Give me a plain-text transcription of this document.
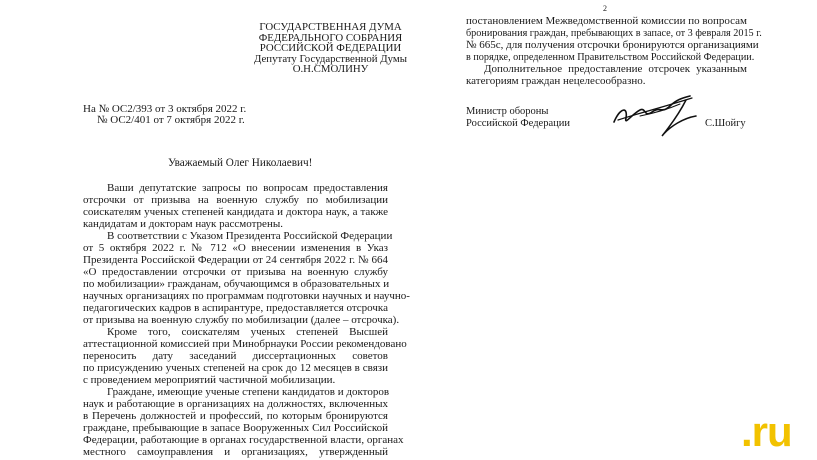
ГОСУДАРСТВЕННАЯ ДУМА
ФЕДЕРАЛЬНОГО СОБРАНИЯ
РОССИЙСКОЙ ФЕДЕРАЦИИ
Депутату Государственной Думы
О.Н.СМОЛИНУ
На № ОС2/393 от 3 октября 2022 г.
№ ОС2/401 от 7 октября 2022 г.
Уважаемый Олег Николаевич!
Ваши депутатские запросы по вопросам предоставления
отсрочки от призыва на военную службу по мобилизации
соискателям ученых степеней кандидата и доктора наук, а также
кандидатам и докторам наук рассмотрены.
В соответствии с Указом Президента Российской Федерации
от 5 октября 2022 г. № 712 «О внесении изменения в Указ
Президента Российской Федерации от 24 сентября 2022 г. № 664
«О предоставлении отсрочки от призыва на военную службу
по мобилизации» гражданам, обучающимся в образовательных и
научных организациях по программам подготовки научных и научно-
педагогических кадров в аспирантуре, предоставляется отсрочка
от призыва на военную службу по мобилизации (далее – отсрочка).
Кроме того, соискателям ученых степеней Высшей
аттестационной комиссией при Минобрнауки России рекомендовано
переносить дату заседаний диссертационных советов
по присуждению ученых степеней на срок до 12 месяцев в связи
с проведением мероприятий частичной мобилизации.
Граждане, имеющие ученые степени кандидатов и докторов
наук и работающие в организациях на должностях, включенных
в Перечень должностей и профессий, по которым бронируются
граждане, пребывающие в запасе Вооруженных Сил Российской
Федерации, работающие в органах государственной власти, органах
местного самоуправления и организациях, утвержденный
2
постановлением Межведомственной комиссии по вопросам
бронирования граждан, пребывающих в запасе, от 3 февраля 2015 г.
№ 665с, для получения отсрочки бронируются организациями
в порядке, определенном Правительством Российской Федерации.
Дополнительное предоставление отсрочек указанным
категориям граждан нецелесообразно.
Министр обороны
Российской Федерации	С.Шойгу
.ru
